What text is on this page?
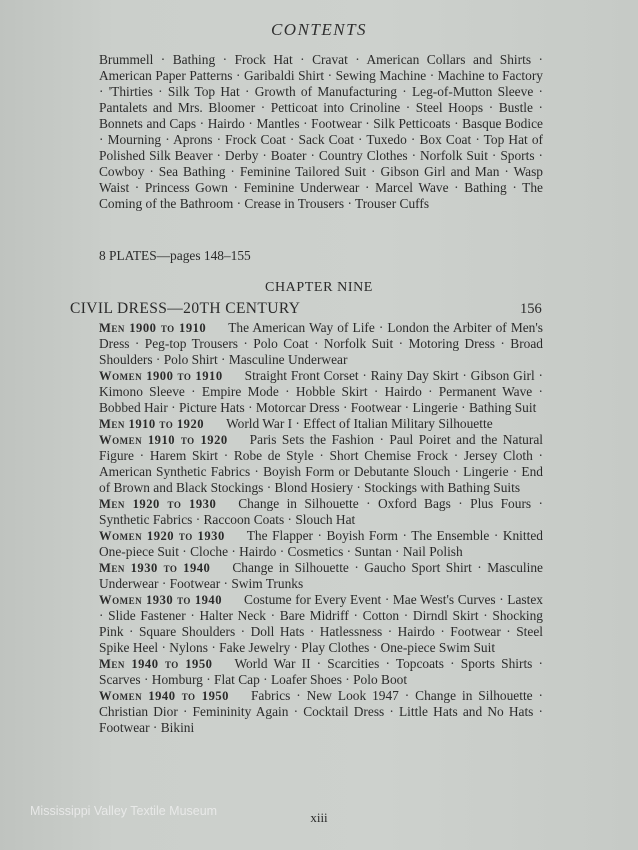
CONTENTS
Brummell · Bathing · Frock Hat · Cravat · American Collars and Shirts · American Paper Patterns · Garibaldi Shirt · Sewing Machine · Machine to Factory · 'Thirties · Silk Top Hat · Growth of Manufacturing · Leg-of-Mutton Sleeve · Pantalets and Mrs. Bloomer · Petticoat into Crinoline · Steel Hoops · Bustle · Bonnets and Caps · Hairdo · Mantles · Footwear · Silk Petticoats · Basque Bodice · Mourning · Aprons · Frock Coat · Sack Coat · Tuxedo · Box Coat · Top Hat of Polished Silk Beaver · Derby · Boater · Country Clothes · Norfolk Suit · Sports · Cowboy · Sea Bathing · Feminine Tailored Suit · Gibson Girl and Man · Wasp Waist · Princess Gown · Feminine Underwear · Marcel Wave · Bathing · The Coming of the Bathroom · Crease in Trousers · Trouser Cuffs
8 PLATES—pages 148–155
CHAPTER NINE
CIVIL DRESS—20TH CENTURY	156
Men 1900 to 1910 The American Way of Life · London the Arbiter of Men's Dress · Peg-top Trousers · Polo Coat · Norfolk Suit · Motoring Dress · Broad Shoulders · Polo Shirt · Masculine Underwear
Women 1900 to 1910 Straight Front Corset · Rainy Day Skirt · Gibson Girl · Kimono Sleeve · Empire Mode · Hobble Skirt · Hairdo · Permanent Wave · Bobbed Hair · Picture Hats · Motorcar Dress · Footwear · Lingerie · Bathing Suit
Men 1910 to 1920 World War I · Effect of Italian Military Silhouette
Women 1910 to 1920 Paris Sets the Fashion · Paul Poiret and the Natural Figure · Harem Skirt · Robe de Style · Short Chemise Frock · Jersey Cloth · American Synthetic Fabrics · Boyish Form or Debutante Slouch · Lingerie · End of Brown and Black Stockings · Blond Hosiery · Stockings with Bathing Suits
Men 1920 to 1930 Change in Silhouette · Oxford Bags · Plus Fours · Synthetic Fabrics · Raccoon Coats · Slouch Hat
Women 1920 to 1930 The Flapper · Boyish Form · The Ensemble · Knitted One-piece Suit · Cloche · Hairdo · Cosmetics · Suntan · Nail Polish
Men 1930 to 1940 Change in Silhouette · Gaucho Sport Shirt · Masculine Underwear · Footwear · Swim Trunks
Women 1930 to 1940 Costume for Every Event · Mae West's Curves · Lastex · Slide Fastener · Halter Neck · Bare Midriff · Cotton · Dirndl Skirt · Shocking Pink · Square Shoulders · Doll Hats · Hatlessness · Hairdo · Footwear · Steel Spike Heel · Nylons · Fake Jewelry · Play Clothes · One-piece Swim Suit
Men 1940 to 1950 World War II · Scarcities · Topcoats · Sports Shirts · Scarves · Homburg · Flat Cap · Loafer Shoes · Polo Boot
Women 1940 to 1950 Fabrics · New Look 1947 · Change in Silhouette · Christian Dior · Femininity Again · Cocktail Dress · Little Hats and No Hats · Footwear · Bikini
Mississippi Valley Textile Museum	xiii
